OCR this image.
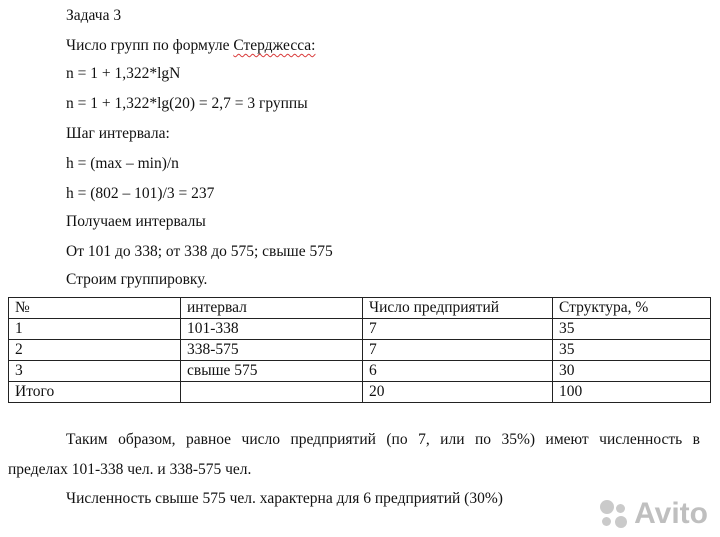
Задача 3
Число групп по формуле Стерджесса:
n = 1 + 1,322*lgN
n = 1 + 1,322*lg(20) = 2,7 = 3 группы
Шаг интервала:
h = (max – min)/n
h = (802 – 101)/3 = 237
Получаем интервалы
От 101 до 338; от 338 до 575; свыше 575
Строим группировку.
№	интервал	Число предприятий	Структура, %
1	101-338	7	35
2	338-575	7	35
3	свыше 575	6	30
Итого		20	100
Таким образом, равное число предприятий (по 7, или по 35%) имеют численность в
пределах 101-338 чел. и 338-575 чел.
Численность свыше 575 чел. характерна для 6 предприятий (30%)	Avito
